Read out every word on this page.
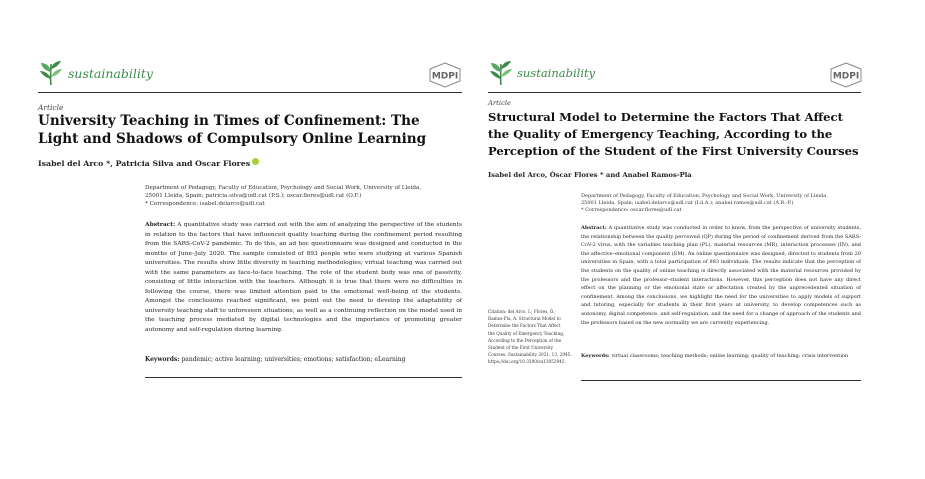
sustainability	MDPI
Article
University Teaching in Times of Confinement: The Light and Shadows of Compulsory Online Learning
Isabel del Arco *, Patricia Silva and Oscar Flores
Department of Pedagogy, Faculty of Education, Psychology and Social Work, University of Lleida,
25001 Lleida, Spain; patricia.silva@udl.cat (P.S.); oscar.flores@udl.cat (O.F.)
* Correspondence: isabel.delarco@udl.cat

Abstract: A quantitative study was carried out with the aim of analyzing the perspective of the students in relation to the factors that have influenced quality teaching during the confinement period resulting from the SARS-CoV-2 pandemic. To do this, an ad hoc questionnaire was designed and conducted in the months of June–July 2020. The sample consisted of 893 people who were studying at various Spanish universities. The results show little diversity in teaching methodologies; virtual teaching was carried out with the same parameters as face-to-face teaching. The role of the student body was one of passivity, consisting of little interaction with the teachers. Although it is true that there were no difficulties in following the course, there was limited attention paid to the emotional well-being of the students. Amongst the conclusions reached significant, we point out the need to develop the adaptability of university teaching staff to unforeseen situations, as well as a continuing reflection on the model used in the teaching process mediated by digital technologies and the importance of promoting greater autonomy and self-regulation during learning.

Keywords: pandemic; active learning; universities; emotions; satisfaction; eLearning

sustainability	MDPI
Article
Structural Model to Determine the Factors That Affect the Quality of Emergency Teaching, According to the Perception of the Student of the First University Courses
Isabel del Arco, Òscar Flores * and Anabel Ramos-Pla
Department of Pedagogy, Faculty of Education, Psychology and Social Work, University of Lleida,
25001 Lleida, Spain; isabel.delarco@udl.cat (I.d.A.); anabel.ramos@udl.cat (A.R.-P.)
* Correspondence: oscar.flores@udl.cat

Abstract: A quantitative study was conducted in order to know, from the perspective of university students, the relationship between the quality perceived (QP) during the period of confinement derived from the SARS-CoV-2 virus, with the variables teaching plan (PL), material resources (MR), interaction processes (IN), and the affective–emotional component (EM). An online questionnaire was designed, directed to students from 20 universities in Spain, with a total participation of 893 individuals. The results indicate that the perception of the students on the quality of online teaching is directly associated with the material resources provided by the professors and the professor–student interactions. However, this perception does not have any direct effect on the planning or the emotional state or affectation created by the unprecedented situation of confinement. Among the conclusions, we highlight the need for the universities to apply models of support and tutoring, especially for students in their first years at university, to develop competences such as autonomy, digital competence, and self-regulation, and the need for a change of approach of the students and the professors based on the new normality we are currently experiencing.

Keywords: virtual classrooms; teaching methods; online learning; quality of teaching; crisis intervention

Citation: del Arco, I.; Flores, Ò.;
Ramos-Pla, A. Structural Model to
Determine the Factors That Affect
the Quality of Emergency Teaching,
According to the Perception of the
Student of the First University
Courses. Sustainability 2021, 13, 2945.
https://doi.org/10.3390/su13052945
